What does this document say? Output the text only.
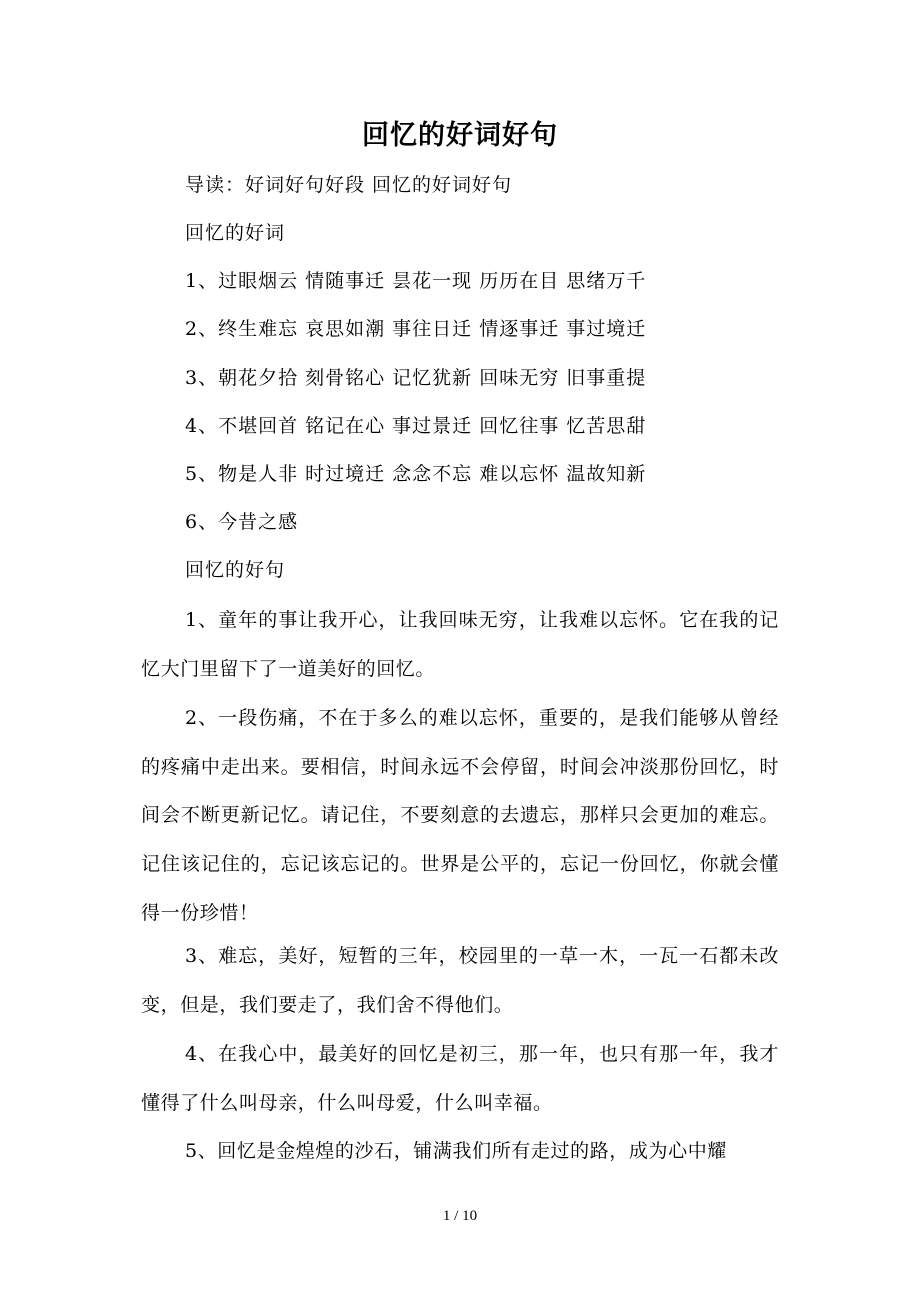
回忆的好词好句
导读：好词好句好段 回忆的好词好句
回忆的好词
1、过眼烟云 情随事迁 昙花一现 历历在目 思绪万千
2、终生难忘 哀思如潮 事往日迁 情逐事迁 事过境迁
3、朝花夕拾 刻骨铭心 记忆犹新 回味无穷 旧事重提
4、不堪回首 铭记在心 事过景迁 回忆往事 忆苦思甜
5、物是人非 时过境迁 念念不忘 难以忘怀 温故知新
6、今昔之感
回忆的好句

1、童年的事让我开心，让我回味无穷，让我难以忘怀。它在我的记忆大门里留下了一道美好的回忆。

2、一段伤痛，不在于多么的难以忘怀，重要的，是我们能够从曾经的疼痛中走出来。要相信，时间永远不会停留，时间会冲淡那份回忆，时间会不断更新记忆。请记住，不要刻意的去遗忘，那样只会更加的难忘。记住该记住的，忘记该忘记的。世界是公平的，忘记一份回忆，你就会懂得一份珍惜！

3、难忘，美好，短暂的三年，校园里的一草一木，一瓦一石都未改变，但是，我们要走了，我们舍不得他们。

4、在我心中，最美好的回忆是初三，那一年，也只有那一年，我才懂得了什么叫母亲，什么叫母爱，什么叫幸福。

5、回忆是金煌煌的沙石，铺满我们所有走过的路，成为心中耀

1 / 10
